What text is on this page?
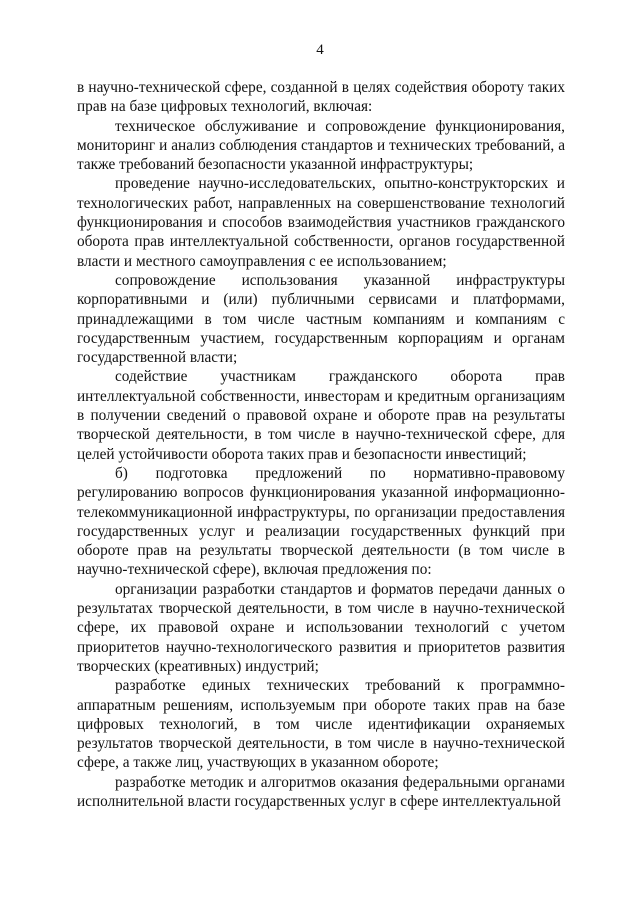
4

в научно-технической сфере, созданной в целях содействия обороту таких прав на базе цифровых технологий, включая:

техническое обслуживание и сопровождение функционирования, мониторинг и анализ соблюдения стандартов и технических требований, а также требований безопасности указанной инфраструктуры;

проведение научно-исследовательских, опытно-конструкторских и технологических работ, направленных на совершенствование технологий функционирования и способов взаимодействия участников гражданского оборота прав интеллектуальной собственности, органов государственной власти и местного самоуправления с ее использованием;

сопровождение использования указанной инфраструктуры корпоративными и (или) публичными сервисами и платформами, принадлежащими в том числе частным компаниям и компаниям с государственным участием, государственным корпорациям и органам государственной власти;

содействие участникам гражданского оборота прав интеллектуальной собственности, инвесторам и кредитным организациям в получении сведений о правовой охране и обороте прав на результаты творческой деятельности, в том числе в научно-технической сфере, для целей устойчивости оборота таких прав и безопасности инвестиций;

б) подготовка предложений по нормативно-правовому регулированию вопросов функционирования указанной информационно-телекоммуникационной инфраструктуры, по организации предоставления государственных услуг и реализации государственных функций при обороте прав на результаты творческой деятельности (в том числе в научно-технической сфере), включая предложения по:

организации разработки стандартов и форматов передачи данных о результатах творческой деятельности, в том числе в научно-технической сфере, их правовой охране и использовании технологий с учетом приоритетов научно-технологического развития и приоритетов развития творческих (креативных) индустрий;

разработке единых технических требований к программно-аппаратным решениям, используемым при обороте таких прав на базе цифровых технологий, в том числе идентификации охраняемых результатов творческой деятельности, в том числе в научно-технической сфере, а также лиц, участвующих в указанном обороте;

разработке методик и алгоритмов оказания федеральными органами исполнительной власти государственных услуг в сфере интеллектуальной
